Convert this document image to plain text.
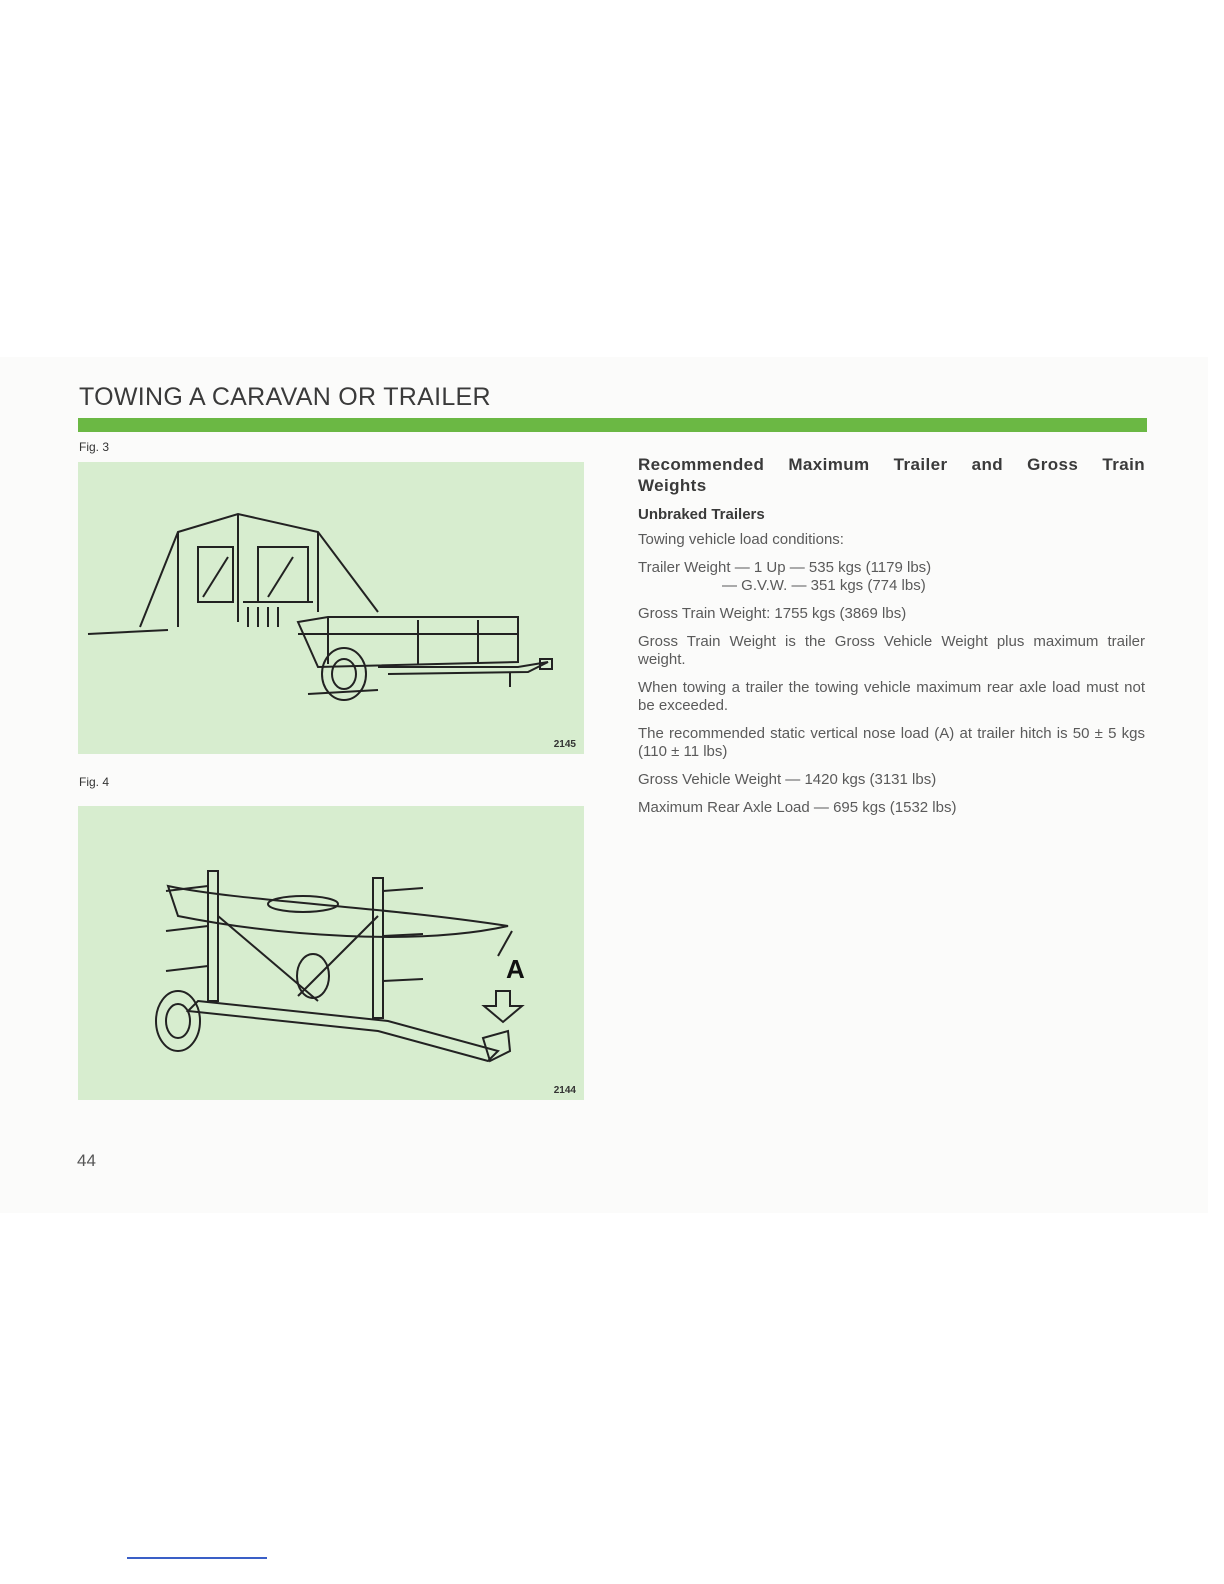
TOWING A CARAVAN OR TRAILER
Fig. 3
2145
Fig. 4
A
2144

Recommended Maximum Trailer and Gross Train

Weights

Unbraked Trailers

Towing vehicle load conditions:

Trailer Weight — 1 Up — 535 kgs (1179 lbs)
— G.V.W. — 351 kgs (774 lbs)

Gross Train Weight: 1755 kgs (3869 lbs)

Gross Train Weight is the Gross Vehicle Weight plus maximum trailer weight.

When towing a trailer the towing vehicle maximum rear axle load must not be exceeded.

The recommended static vertical nose load (A) at trailer hitch is 50 ± 5 kgs (110 ± 11 lbs)

Gross Vehicle Weight — 1420 kgs (3131 lbs)

Maximum Rear Axle Load — 695 kgs (1532 lbs)

44
